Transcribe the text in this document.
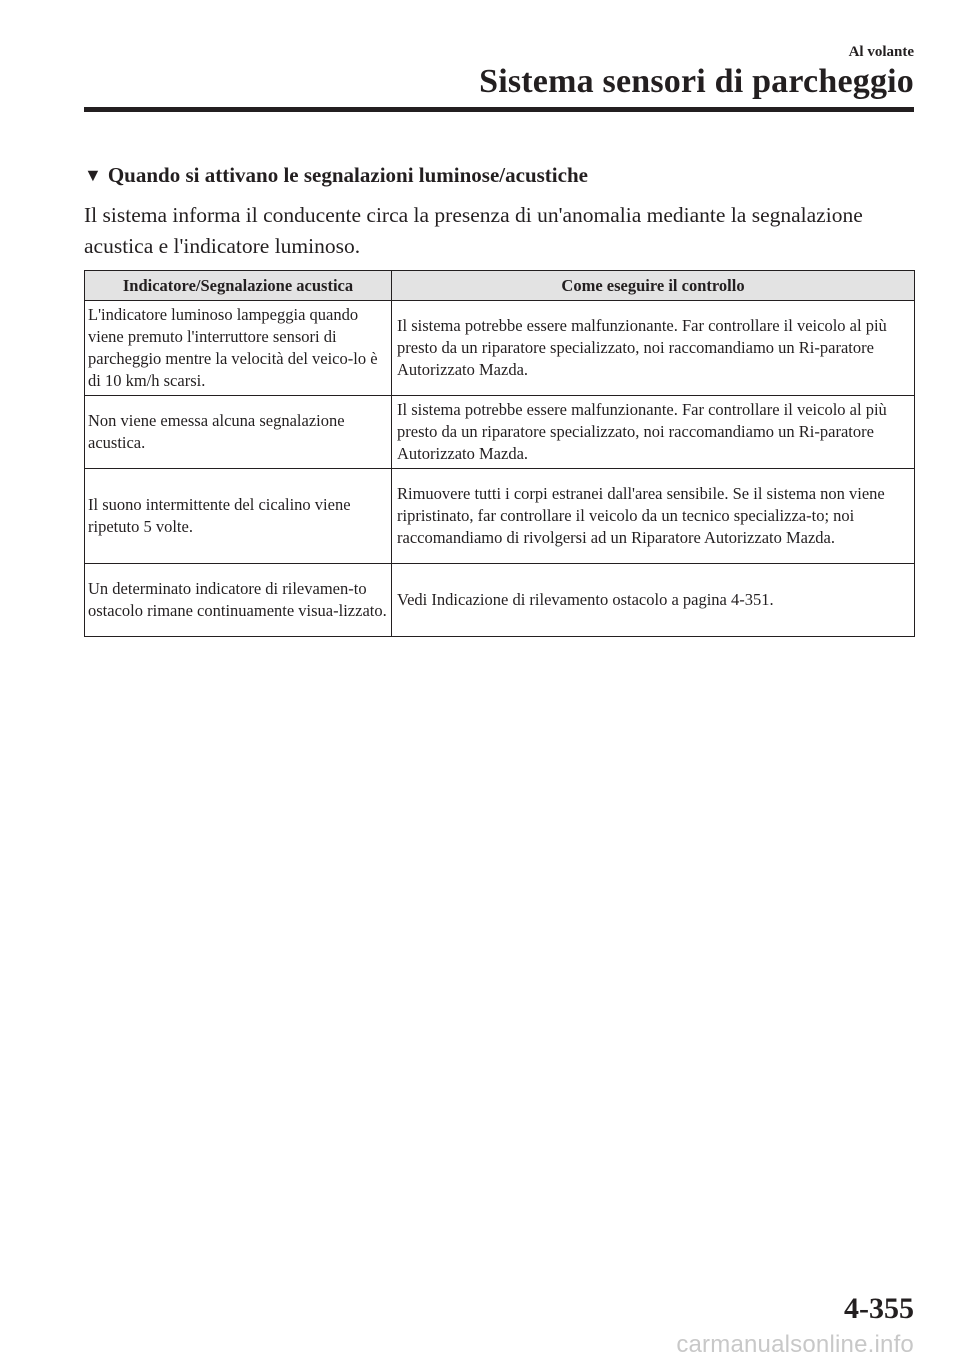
Al volante
Sistema sensori di parcheggio
▼ Quando si attivano le segnalazioni luminose/acustiche
Il sistema informa il conducente circa la presenza di un'anomalia mediante la segnalazione acustica e l'indicatore luminoso.
Indicatore/Segnalazione acustica	Come eseguire il controllo
L'indicatore luminoso lampeggia quando viene premuto l'interruttore sensori di parcheggio mentre la velocità del veico-lo è di 10 km/h scarsi.	Il sistema potrebbe essere malfunzionante. Far controllare il veicolo al più presto da un riparatore specializzato, noi raccomandiamo un Ri-paratore Autorizzato Mazda.
Non viene emessa alcuna segnalazione acustica.	Il sistema potrebbe essere malfunzionante. Far controllare il veicolo al più presto da un riparatore specializzato, noi raccomandiamo un Ri-paratore Autorizzato Mazda.
Il suono intermittente del cicalino viene ripetuto 5 volte.	Rimuovere tutti i corpi estranei dall'area sensibile. Se il sistema non viene ripristinato, far controllare il veicolo da un tecnico specializza-to; noi raccomandiamo di rivolgersi ad un Riparatore Autorizzato Mazda.
Un determinato indicatore di rilevamen-to ostacolo rimane continuamente visua-lizzato.	Vedi Indicazione di rilevamento ostacolo a pagina 4-351.
4-355
carmanualsonline.info
